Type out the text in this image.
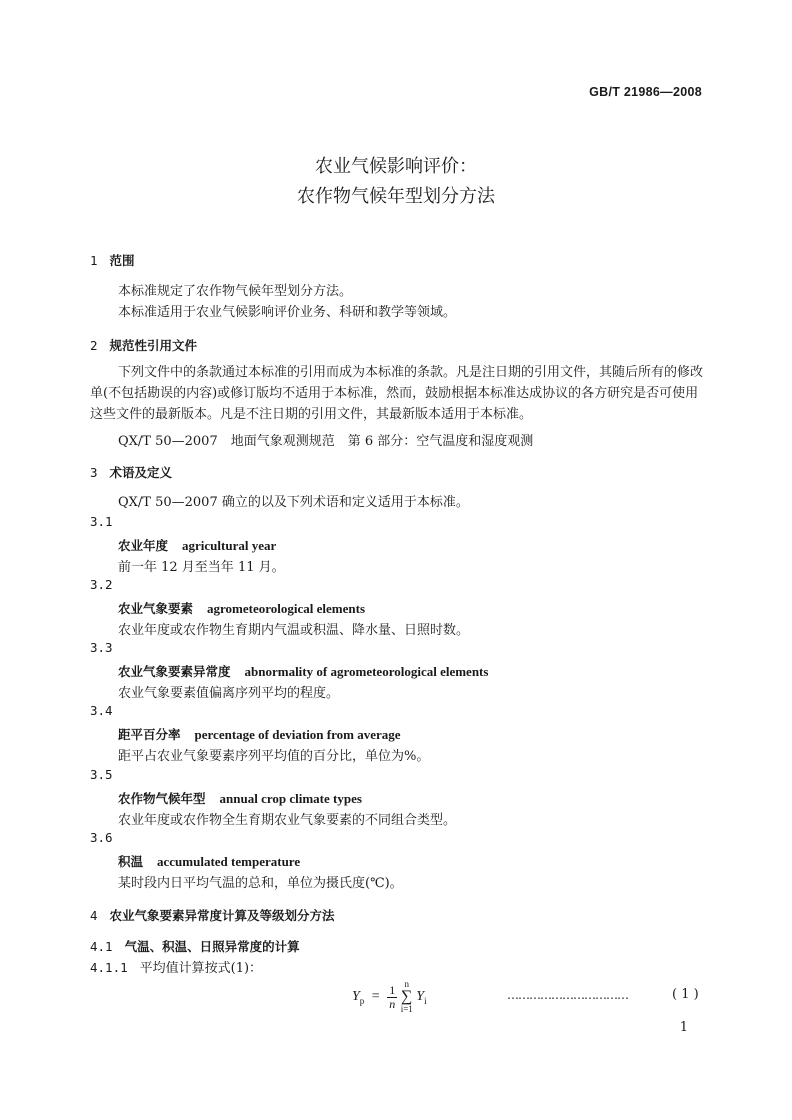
GB/T 21986—2008
农业气候影响评价：
农作物气候年型划分方法
1 范围
本标准规定了农作物气候年型划分方法。
本标准适用于农业气候影响评价业务、科研和教学等领域。
2 规范性引用文件
下列文件中的条款通过本标准的引用而成为本标准的条款。凡是注日期的引用文件，其随后所有的修改单(不包括勘误的内容)或修订版均不适用于本标准，然而，鼓励根据本标准达成协议的各方研究是否可使用这些文件的最新版本。凡是不注日期的引用文件，其最新版本适用于本标准。
QX/T 50—2007　地面气象观测规范　第 6 部分：空气温度和湿度观测
3 术语及定义
QX/T 50—2007 确立的以及下列术语和定义适用于本标准。
3.1
农业年度 agricultural year
前一年 12 月至当年 11 月。
3.2
农业气象要素 agrometeorological elements
农业年度或农作物生育期内气温或积温、降水量、日照时数。
3.3
农业气象要素异常度 abnormality of agrometeorological elements
农业气象要素值偏离序列平均的程度。
3.4
距平百分率 percentage of deviation from average
距平占农业气象要素序列平均值的百分比，单位为%。
3.5
农作物气候年型 annual crop climate types
农业年度或农作物全生育期农业气象要素的不同组合类型。
3.6
积温 accumulated temperature
某时段内日平均气温的总和，单位为摄氏度(℃)。
4 农业气象要素异常度计算及等级划分方法
4.1 气温、积温、日照异常度的计算
4.1.1 平均值计算按式(1)：
$Y_p = \frac{1}{n}$
n
∑
i=1
$Y_i$	……………………………	( 1 )
1
